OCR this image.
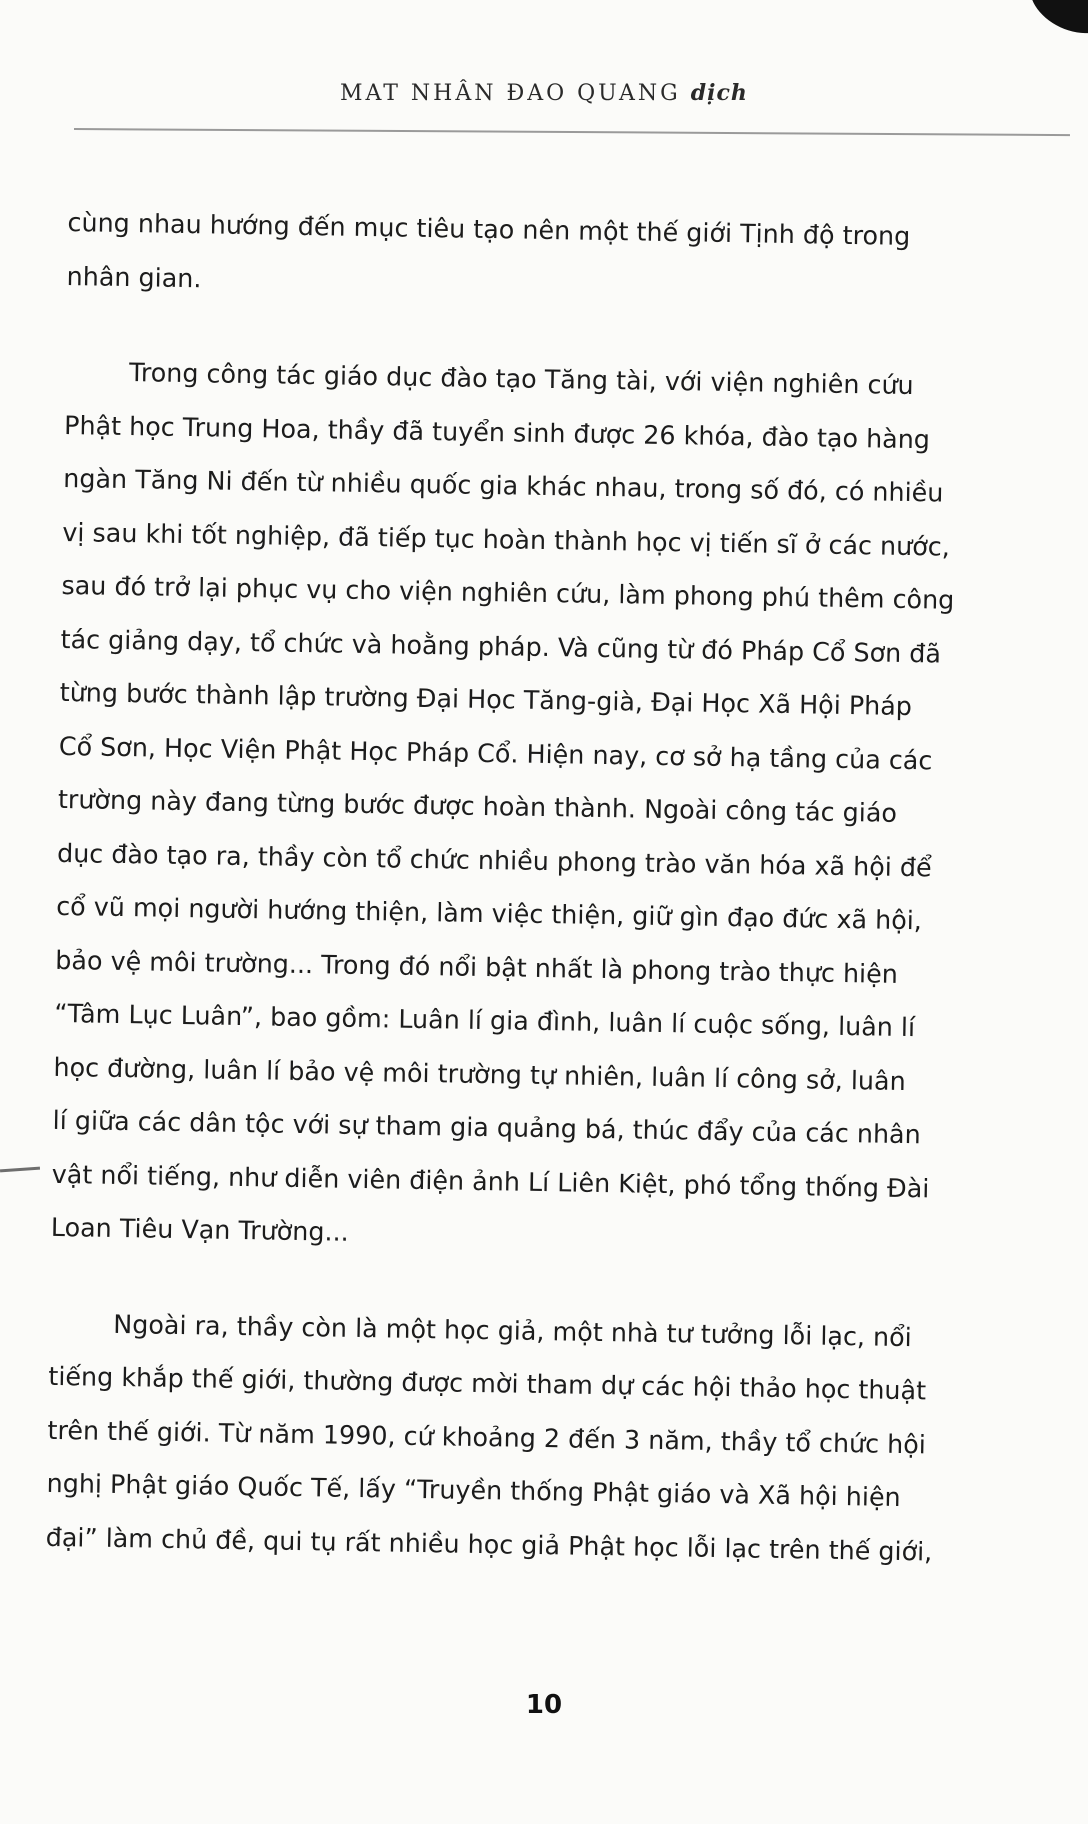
MAT NHÂN ĐAO QUANG dịch
cùng nhau hướng đến mục tiêu tạo nên một thế giới Tịnh độ trong
nhân gian.
Trong công tác giáo dục đào tạo Tăng tài, với viện nghiên cứu
Phật học Trung Hoa, thầy đã tuyển sinh được 26 khóa, đào tạo hàng
ngàn Tăng Ni đến từ nhiều quốc gia khác nhau, trong số đó, có nhiều
vị sau khi tốt nghiệp, đã tiếp tục hoàn thành học vị tiến sĩ ở các nước,
sau đó trở lại phục vụ cho viện nghiên cứu, làm phong phú thêm công
tác giảng dạy, tổ chức và hoằng pháp. Và cũng từ đó Pháp Cổ Sơn đã
từng bước thành lập trường Đại Học Tăng-già, Đại Học Xã Hội Pháp
Cổ Sơn, Học Viện Phật Học Pháp Cổ. Hiện nay, cơ sở hạ tầng của các
trường này đang từng bước được hoàn thành. Ngoài công tác giáo
dục đào tạo ra, thầy còn tổ chức nhiều phong trào văn hóa xã hội để
cổ vũ mọi người hướng thiện, làm việc thiện, giữ gìn đạo đức xã hội,
bảo vệ môi trường... Trong đó nổi bật nhất là phong trào thực hiện
“Tâm Lục Luân”, bao gồm: Luân lí gia đình, luân lí cuộc sống, luân lí
học đường, luân lí bảo vệ môi trường tự nhiên, luân lí công sở, luân
lí giữa các dân tộc với sự tham gia quảng bá, thúc đẩy của các nhân
vật nổi tiếng, như diễn viên điện ảnh Lí Liên Kiệt, phó tổng thống Đài
Loan Tiêu Vạn Trường...
Ngoài ra, thầy còn là một học giả, một nhà tư tưởng lỗi lạc, nổi
tiếng khắp thế giới, thường được mời tham dự các hội thảo học thuật
trên thế giới. Từ năm 1990, cứ khoảng 2 đến 3 năm, thầy tổ chức hội
nghị Phật giáo Quốc Tế, lấy “Truyền thống Phật giáo và Xã hội hiện
đại” làm chủ đề, qui tụ rất nhiều học giả Phật học lỗi lạc trên thế giới,
10
